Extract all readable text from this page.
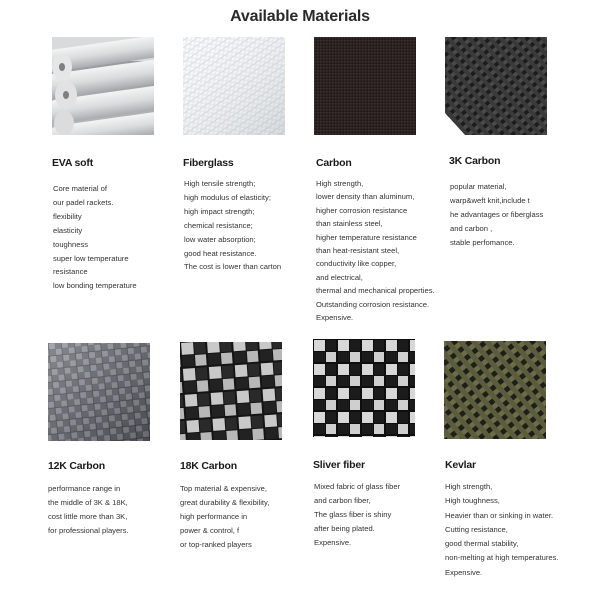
Available Materials
EVA soft	Fiberglass	Carbon	3K Carbon
Core material of
our padel rackets.
flexibility
elasticity
toughness
super low temperature
resistance
low bonding temperature
High tensile strength;
high modulus of elasticity;
high impact strength;
chemical resistance;
low water absorption;
good heat resistance.
The cost is lower than carton
High strength,
lower density than aluminum,
higher corrosion resistance
than stainless steel,
higher temperature resistance
than heat-resistant steel,
conductivity like copper,
and electrical,
thermal and mechanical properties.
Outstanding corrosion resistance.
Expensive.
popular material,
warp&weft knit,include t
he advantages or fiberglass
and carbon ,
stable perfomance.
12K Carbon	18K Carbon	Sliver fiber	Kevlar
performance range in
the middle of 3K & 18K,
cost little more than 3K,
for professional players.
Top material & expensive,
great durability & flexibility,
high performance in
power & control, f
or top-ranked players
Mixed fabric of glass fiber
and carbon fiber,
The glass fiber is shiny
after being plated.
Expensive.
High strength,
High toughness,
Heavier than or sinking in water.
Cutting resistance,
good thermal stability,
non-melting at high temperatures.
Expensive.
